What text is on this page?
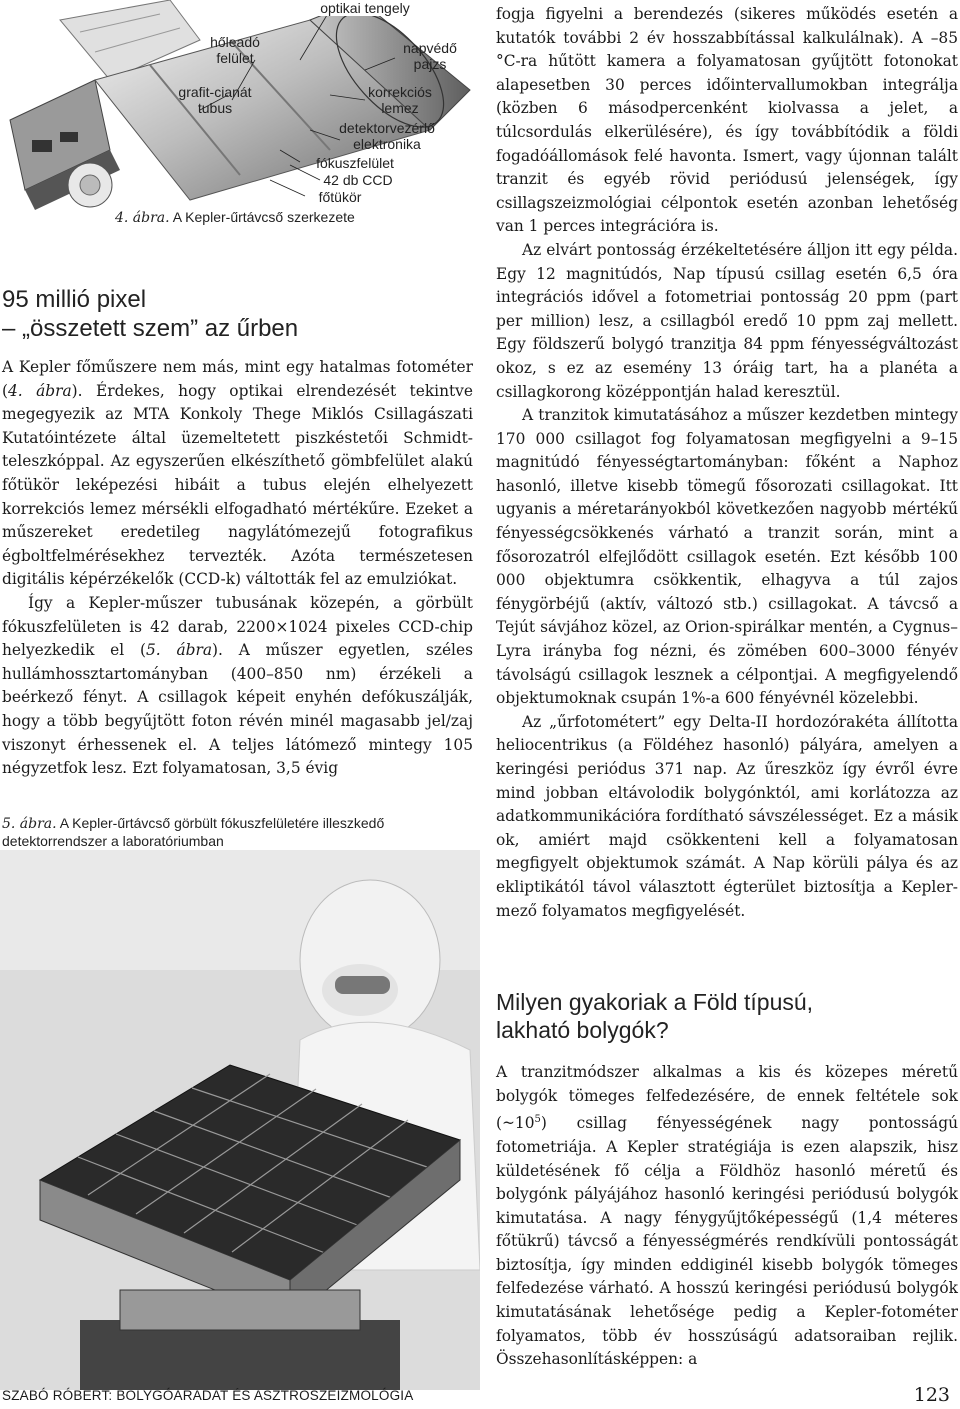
optikai tengely
hőleadó
felület
napvédő
pajzs
grafit-cianát
tubus
korrekciós
lemez
detektorvezérlő
elektronika
fókuszfelület
42 db CCD
főtükör
4. ábra. A Kepler-űrtávcső szerkezete
95 millió pixel
– „összetett szem” az űrben

A Kepler főműszere nem más, mint egy hatalmas fotométer (4. ábra). Érdekes, hogy optikai elrendezését tekintve megegyezik az MTA Konkoly Thege Miklós Csillagászati Kutatóintézete által üzemeltetett piszkéstetői Schmidt-teleszkóppal. Az egyszerűen elkészíthető gömbfelület alakú főtükör leképezési hibáit a tubus elején elhelyezett korrekciós lemez mérsékli elfogadható mértékűre. Ezeket a műszereket eredetileg nagylátómezejű fotografikus égboltfelmérésekhez tervezték. Azóta természetesen digitális képérzékelők (CCD-k) váltották fel az emulziókat.

Így a Kepler-műszer tubusának közepén, a görbült fókuszfelületen is 42 darab, 2200×1024 pixeles CCD-chip helyezkedik el (5. ábra). A műszer egyetlen, széles hullámhossztartományban (400–850 nm) érzékeli a beérkező fényt. A csillagok képeit enyhén defókuszálják, hogy a több begyűjtött foton révén minél magasabb jel/zaj viszonyt érhessenek el. A teljes látómező mintegy 105 négyzetfok lesz. Ezt folyamatosan, 3,5 évig

5. ábra. A Kepler-űrtávcső görbült fókuszfelületére illeszkedő detektorrendszer a laboratóriumban

fogja figyelni a berendezés (sikeres működés esetén a kutatók további 2 év hosszabbítással kalkulálnak). A –85 °C-ra hűtött kamera a folyamatosan gyűjtött fotonokat alapesetben 30 perces időintervallumokban integrálja (közben 6 másodpercenként kiolvassa a jelet, a túlcsordulás elkerülésére), és így továbbítódik a földi fogadóállomások felé havonta. Ismert, vagy újonnan talált tranzit és egyéb rövid periódusú jelenségek, így csillagszeizmológiai célpontok esetén azonban lehetőség van 1 perces integrációra is.

Az elvárt pontosság érzékeltetésére álljon itt egy példa. Egy 12 magnitúdós, Nap típusú csillag esetén 6,5 óra integrációs idővel a fotometriai pontosság 20 ppm (part per million) lesz, a csillagból eredő 10 ppm zaj mellett. Egy földszerű bolygó tranzitja 84 ppm fényességváltozást okoz, s ez az esemény 13 óráig tart, ha a planéta a csillagkorong középpontján halad keresztül.

A tranzitok kimutatásához a műszer kezdetben mintegy 170 000 csillagot fog folyamatosan megfigyelni a 9–15 magnitúdó fényességtartományban: főként a Naphoz hasonló, illetve kisebb tömegű fősorozati csillagokat. Itt ugyanis a méretarányokból következően nagyobb mértékű fényességcsökkenés várható a tranzit során, mint a fősorozatról elfejlődött csillagok esetén. Ezt később 100 000 objektumra csökkentik, elhagyva a túl zajos fénygörbéjű (aktív, változó stb.) csillagokat. A távcső a Tejút sávjához közel, az Orion-spirálkar mentén, a Cygnus–Lyra irányba fog nézni, és zömében 600–3000 fényév távolságú csillagok lesznek a célpontjai. A megfigyelendő objektumoknak csupán 1%-a 600 fényévnél közelebbi.

Az „űrfotométert” egy Delta-II hordozórakéta állította heliocentrikus (a Földéhez hasonló) pályára, amelyen a keringési periódus 371 nap. Az űreszköz így évről évre mind jobban eltávolodik bolygónktól, ami korlátozza az adatkommunikációra fordítható sávszélességet. Ez a másik ok, amiért majd csökkenteni kell a folyamatosan megfigyelt objektumok számát. A Nap körüli pálya és az ekliptikától távol választott égterület biztosítja a Kepler-mező folyamatos megfigyelését.

Milyen gyakoriak a Föld típusú,
lakható bolygók?

A tranzitmódszer alkalmas a kis és közepes méretű bolygók tömeges felfedezésére, de ennek feltétele sok $(\sim 10^5)$ csillag fényességének nagy pontosságú fotometriája. A Kepler stratégiája is ezen alapszik, hisz küldetésének fő célja a Földhöz hasonló méretű és bolygónk pályájához hasonló keringési periódusú bolygók kimutatása. A nagy fénygyűjtőképességű (1,4 méteres főtükrű) távcső a fényességmérés rendkívüli pontosságát biztosítja, így minden eddiginél kisebb bolygók tömeges felfedezése várható. A hosszú keringési periódusú bolygók kimutatásának lehetősége pedig a Kepler-fotométer folyamatos, több év hosszúságú adatsoraiban rejlik. Összehasonlításképpen: a

SZABÓ RÓBERT: BOLYGÓARADAT ÉS ASZTROSZEIZMOLÓGIA	123
